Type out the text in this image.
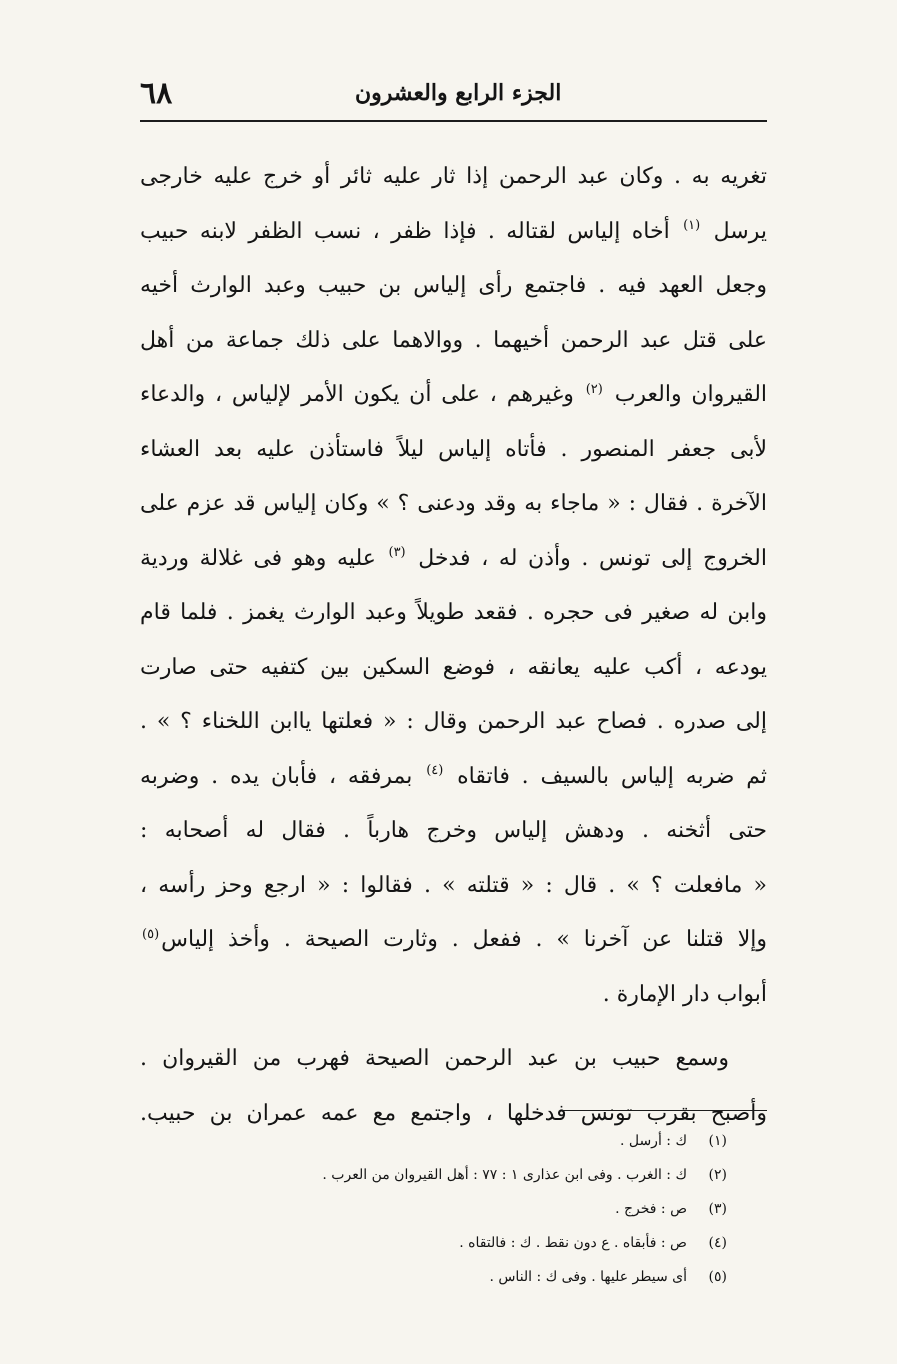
٦٨	الجزء الرابع والعشرون

تغريه به . وكان عبد الرحمن إذا ثار عليه ثائر أو خرج عليه خارجى
يرسل $^{(١)}$ أخاه إلياس لقتاله . فإذا ظفر ، نسب الظفر لابنه حبيب
وجعل العهد فيه . فاجتمع رأى إلياس بن حبيب وعبد الوارث أخيه
على قتل عبد الرحمن أخيهما . ووالاهما على ذلك جماعة من أهل
القيروان والعرب $^{(٢)}$ وغيرهم ، على أن يكون الأمر لإلياس ، والدعاء
لأبى جعفر المنصور . فأتاه إلياس ليلاً فاستأذن عليه بعد العشاء
الآخرة . فقال : « ماجاء به وقد ودعنى ؟ » وكان إلياس قد عزم على
الخروج إلى تونس . وأذن له ، فدخل $^{(٣)}$ عليه وهو فى غلالة وردية
وابن له صغير فى حجره . فقعد طويلاً وعبد الوارث يغمز . فلما قام
يودعه ، أكب عليه يعانقه ، فوضع السكين بين كتفيه حتى صارت
إلى صدره . فصاح عبد الرحمن وقال : « فعلتها ياابن اللخناء ؟ » .
ثم ضربه إلياس بالسيف . فاتقاه $^{(٤)}$ بمرفقه ، فأبان يده . وضربه
حتى أثخنه . ودهش إلياس وخرج هارباً . فقال له أصحابه :
« مافعلت ؟ » . قال : « قتلته » . فقالوا : « ارجع وحز رأسه ،
وإلا قتلنا عن آخرنا » . ففعل . وثارت الصيحة . وأخذ إلياس$^{(٥)}$
أبواب دار الإمارة .

وسمع حبيب بن عبد الرحمن الصيحة فهرب من القيروان .
وأصبح بقرب تونس فدخلها ، واجتمع مع عمه عمران بن حبيب.

(١)ك : أرسل .
(٢)ك : الغرب . وفى ابن عذارى ١ : ٧٧ : أهل القيروان من العرب .
(٣)ص : فخرج .
(٤)ص : فأبقاه . ع دون نقط . ك : فالتقاه .
(٥)أى سيطر عليها . وفى ك : الناس .
